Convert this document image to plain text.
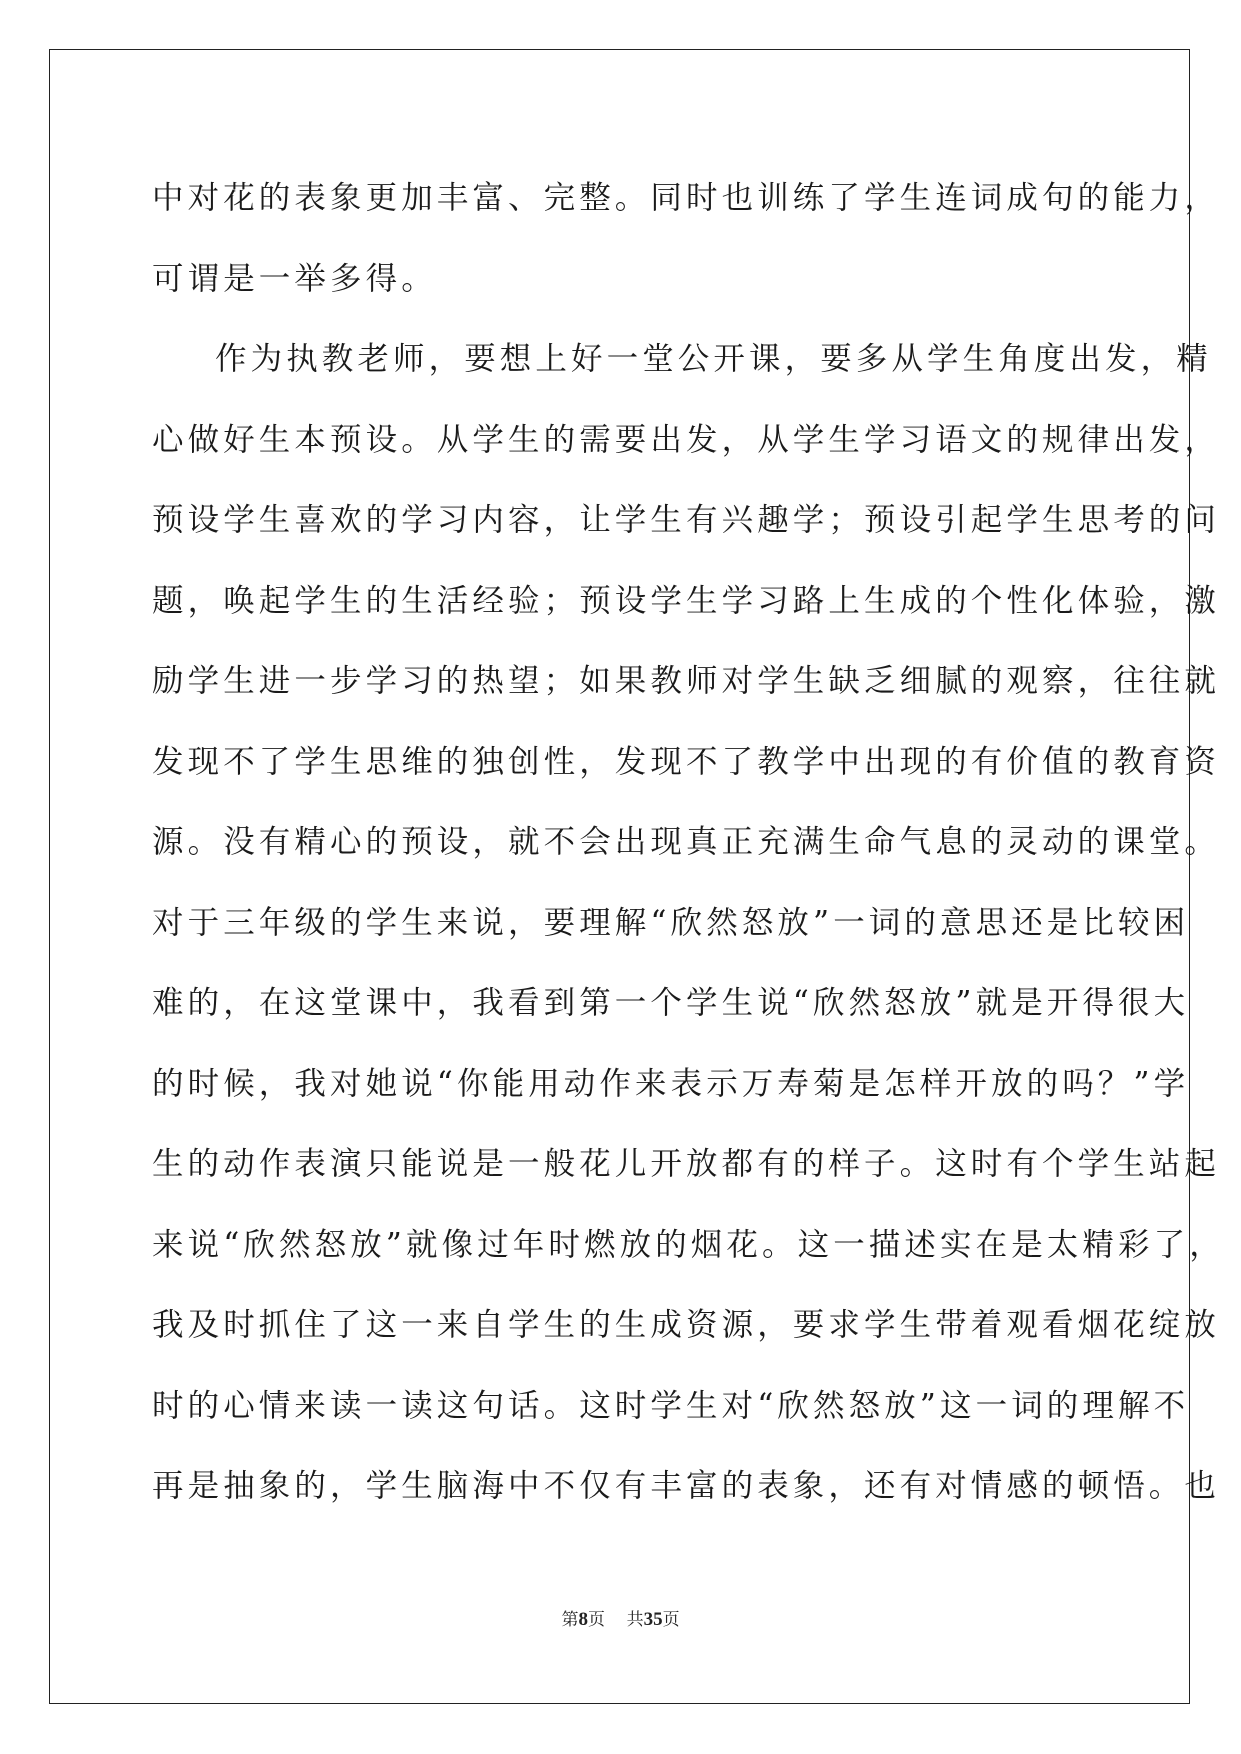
中对花的表象更加丰富、完整。同时也训练了学生连词成句的能力，
可谓是一举多得。
作为执教老师，要想上好一堂公开课，要多从学生角度出发，精
心做好生本预设。从学生的需要出发，从学生学习语文的规律出发，
预设学生喜欢的学习内容，让学生有兴趣学；预设引起学生思考的问
题，唤起学生的生活经验；预设学生学习路上生成的个性化体验，激
励学生进一步学习的热望；如果教师对学生缺乏细腻的观察，往往就
发现不了学生思维的独创性，发现不了教学中出现的有价值的教育资
源。没有精心的预设，就不会出现真正充满生命气息的灵动的课堂。
对于三年级的学生来说，要理解“欣然怒放”一词的意思还是比较困
难的，在这堂课中，我看到第一个学生说“欣然怒放”就是开得很大
的时候，我对她说“你能用动作来表示万寿菊是怎样开放的吗？”学
生的动作表演只能说是一般花儿开放都有的样子。这时有个学生站起
来说“欣然怒放”就像过年时燃放的烟花。这一描述实在是太精彩了，
我及时抓住了这一来自学生的生成资源，要求学生带着观看烟花绽放
时的心情来读一读这句话。这时学生对“欣然怒放”这一词的理解不
再是抽象的，学生脑海中不仅有丰富的表象，还有对情感的顿悟。也
第8页 共35页
